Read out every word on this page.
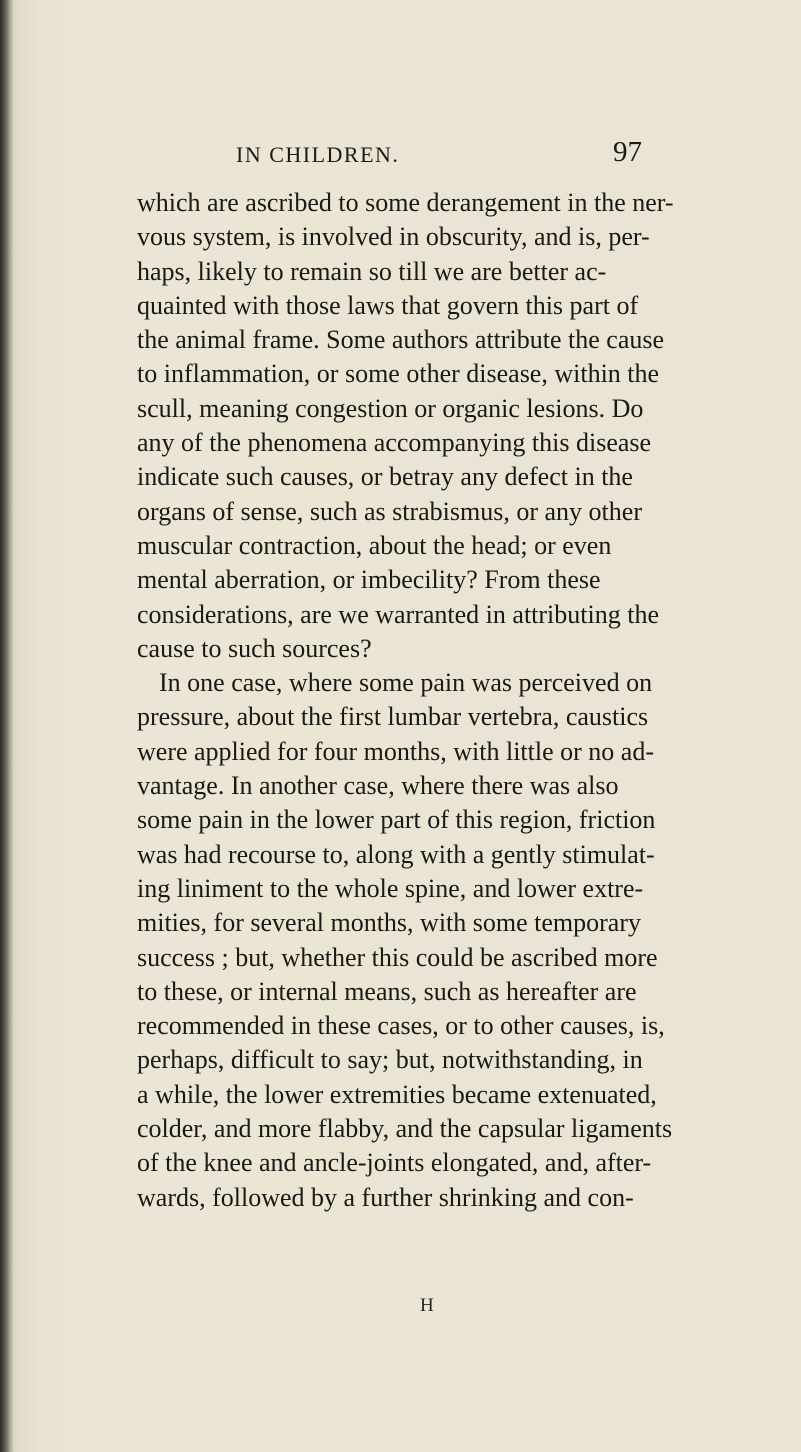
IN CHILDREN.	97
which are ascribed to some derangement in the ner-
vous system, is involved in obscurity, and is, per-
haps, likely to remain so till we are better ac-
quainted with those laws that govern this part of
the animal frame. Some authors attribute the cause
to inflammation, or some other disease, within the
scull, meaning congestion or organic lesions. Do
any of the phenomena accompanying this disease
indicate such causes, or betray any defect in the
organs of sense, such as strabismus, or any other
muscular contraction, about the head; or even
mental aberration, or imbecility? From these
considerations, are we warranted in attributing the
cause to such sources?
In one case, where some pain was perceived on
pressure, about the first lumbar vertebra, caustics
were applied for four months, with little or no ad-
vantage. In another case, where there was also
some pain in the lower part of this region, friction
was had recourse to, along with a gently stimulat-
ing liniment to the whole spine, and lower extre-
mities, for several months, with some temporary
success ; but, whether this could be ascribed more
to these, or internal means, such as hereafter are
recommended in these cases, or to other causes, is,
perhaps, difficult to say; but, notwithstanding, in
a while, the lower extremities became extenuated,
colder, and more flabby, and the capsular ligaments
of the knee and ancle-joints elongated, and, after-
wards, followed by a further shrinking and con-
H
